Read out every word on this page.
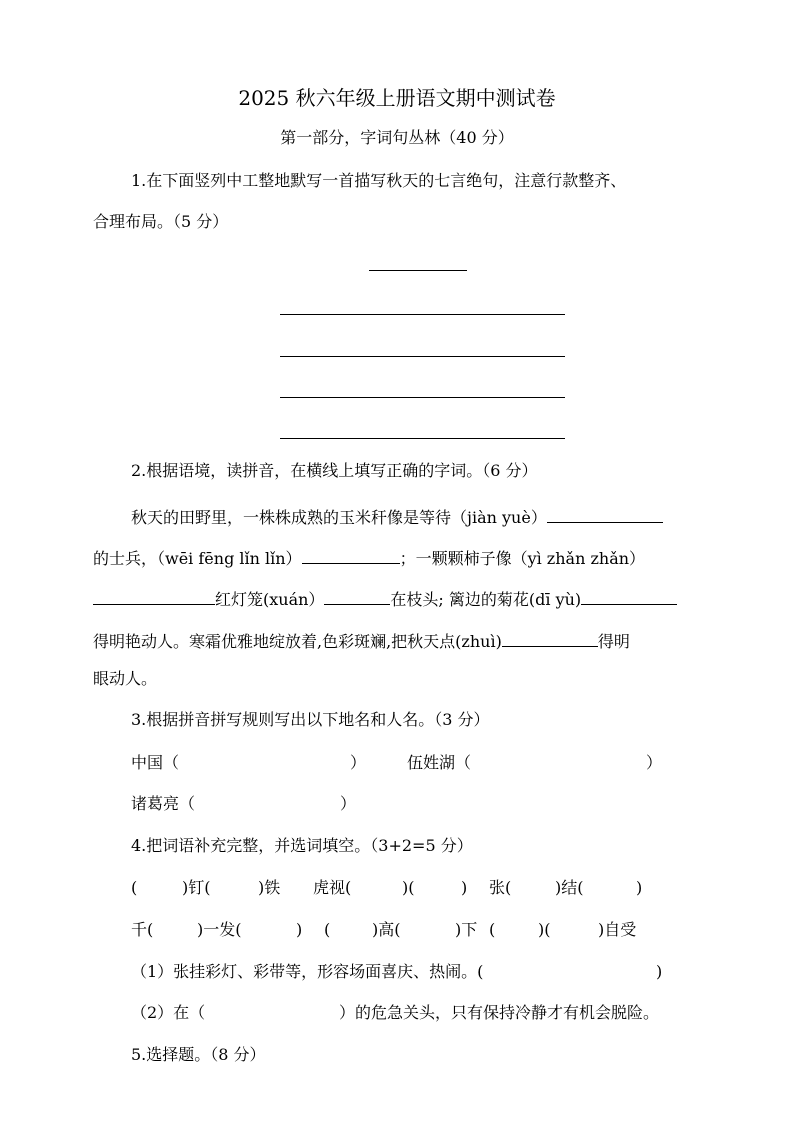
2025 秋六年级上册语文期中测试卷
第一部分，字词句丛林（40 分）
1.在下面竖列中工整地默写一首描写秋天的七言绝句，注意行款整齐、
合理布局。（5 分）
2.根据语境，读拼音，在横线上填写正确的字词。（6 分）
秋天的田野里，一株株成熟的玉米秆像是等待（jiàn yuè）
的士兵，（wēi fēng lǐn lǐn）	；一颗颗柿子像（yì zhǎn zhǎn）
红灯笼(xuán）	在枝头; 篱边的菊花(dī yù)
得明艳动人。寒霜优雅地绽放着,色彩斑斓,把秋天点(zhuì)	得明
眼动人。
3.根据拼音拼写规则写出以下地名和人名。（3 分）
中国（	）	伍姓湖（	）
诸葛亮（	）
4.把词语补充完整，并选词填空。（3+2=5 分）
(	)钉(	)铁 虎视(	)(	) 张(	)结(	)
千(	)一发(	) (	)高(	)下 (	)(	)自受
（1）张挂彩灯、彩带等，形容场面喜庆、热闹。(	)
（2）在（	）的危急关头，只有保持冷静才有机会脱险。
5.选择题。（8 分）
